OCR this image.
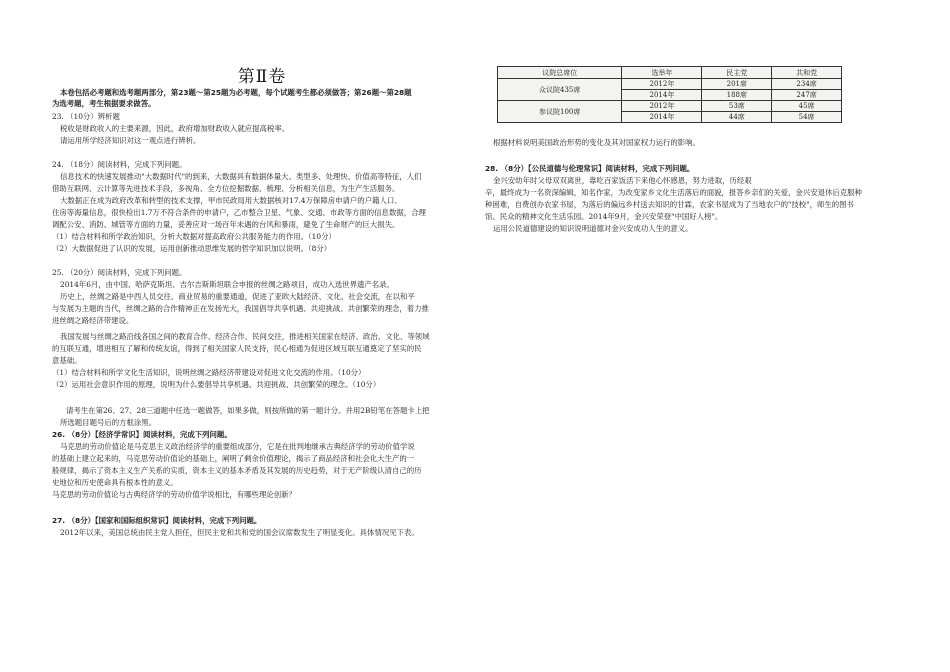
第Ⅱ卷
本卷包括必考题和选考题两部分，第23题～第25题为必考题，每个试题考生都必须做答；第26题～第28题
为选考题，考生根据要求做答。
23. （10分）辨析题
税收是财政收入的主要来源，因此，政府增加财政收入就应提高税率。
请运用所学经济知识对这一观点进行辨析。
24. （18分）阅读材料，完成下列问题。
信息技术的快速发展推动"大数据时代"的到来，大数据具有数据体量大、类型多、处理快、价值高等特征，人们
借助互联网、云计算等先进技术手段，多视角、全方位挖掘数据、梳理、分析相关信息，为生产生活服务。
大数据正在成为政府改革和转型的技术支撑，甲市民政局用大数据核对17.4万保障房申请户的户籍人口、
住房等海量信息，很快检出1.7万不符合条件的申请户，乙市整合卫星、气象、交通、市政等方面的信息数据，合理
调配公安、消防、城管等方面的力量，妥善应对一场百年未遇的台风和暴雨，避免了生命财产的巨大损失。
（1）结合材料和所学政治知识，分析大数据对提高政府公共服务能力的作用。（10分）
（2）大数据促进了认识的发展，运用创新推动思维发展的哲学知识加以说明。（8分）
25. （20分）阅读材料，完成下列问题。
2014年6月，由中国、哈萨克斯坦、吉尔吉斯斯坦联合申报的丝绸之路项目，成功入选世界遗产名录。
历史上，丝绸之路是中西人员交往、商业贸易的重要通道，促进了亚欧大陆经济、文化、社会交流，在以和平
与发展为主题的当代，丝绸之路的合作精神正在发扬光大，我国倡导共享机遇、共迎挑战、共创繁荣的理念，着力推
进丝绸之路经济带建设。
我国发展与丝绸之路沿线各国之间的教育合作、经济合作、民间交往，推进相关国家在经济、政治、文化、等领域
的互联互通，增进相互了解和传统友谊，得到了相关国家人民支持，民心相通为促进区域互联互通奠定了坚实的民
意基础。
（1）结合材料和所学文化生活知识，说明丝绸之路经济带建设对促进文化交流的作用。（10分）
（2）运用社会意识作用的原理，说明为什么要倡导共享机遇、共迎挑战、共创繁荣的理念。（10分）
请考生在第26、27、28三道题中任选一题做答，如果多做，则按所做的第一题计分。并用2B铅笔在答题卡上把
所选题目题号后的方框涂黑。
26. （8分）【经济学常识】阅读材料，完成下列问题。
马克思的劳动价值论是马克思主义政治经济学的重要组成部分，它是在批判地继承古典经济学的劳动价值学说
的基础上建立起来的，马克思劳动价值论的基础上，阐明了剩余价值理论，揭示了商品经济和社会化大生产的一
般规律，揭示了资本主义生产关系的实质，资本主义的基本矛盾及其发展的历史趋势，对于无产阶级认清自己的历
史地位和历史使命具有根本性的意义。
马克思的劳动价值论与古典经济学的劳动价值学说相比，有哪些理论创新？
27. （8分）【国家和国际组织常识】阅读材料，完成下列问题。
2012年以来，美国总统由民主党人担任，但民主党和共和党的国会议席数发生了明显变化。具体情况见下表。
议院总席位	选举年	民主党	共和党
众议院435席	2012年	201席	234席
	2014年	188席	247席
参议院100席	2012年	53席	45席
	2014年	44席	54席
根据材料说明美国政治形势的变化及其对国家权力运行的影响。
28. （8分）【公民道德与伦理常识】阅读材料，完成下列问题。
金兴安幼年时父母双双离世，靠吃百家饭活下来他心怀感恩，努力进取，历经艰
辛，最终成为一名资深编辑，知名作家，为改变家乡文化生活落后的面貌，报答乡亲们的关爱，金兴安退休后克服种
种困难，自费创办农家书屋，为落后的偏远乡村送去知识的甘霖，农家书屋成为了当地农户的"技校"，师生的图书
馆、民众的精神文化生活乐园。2014年9月，金兴安荣登"中国好人榜"。
运用公民道德建设的知识说明道德对金兴安成功人生的意义。
